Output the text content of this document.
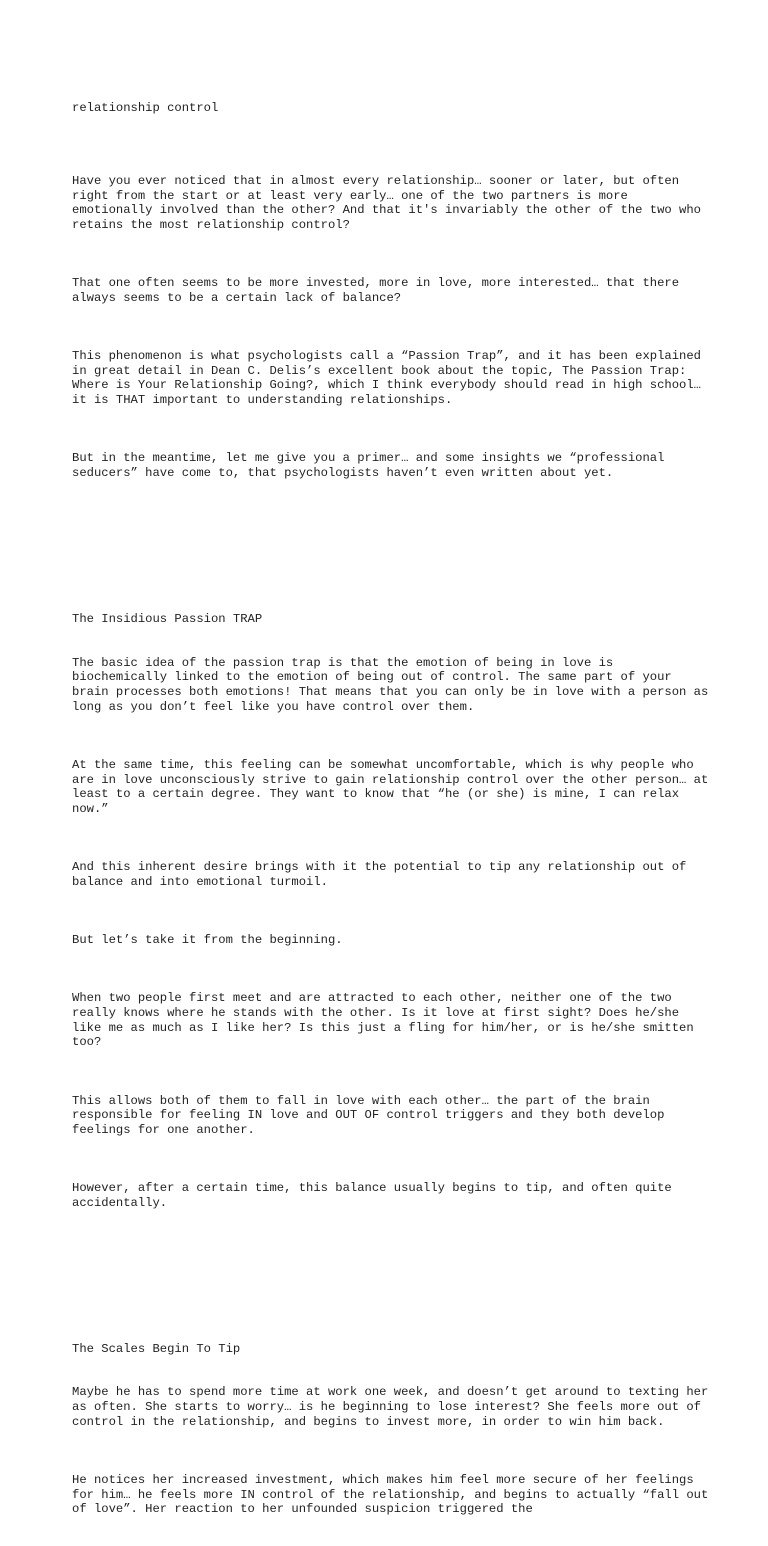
relationship control

Have you ever noticed that in almost every relationship… sooner or later, but often right from the start or at least very early… one of the two partners is more emotionally involved than the other? And that it's invariably the other of the two who retains the most relationship control?

That one often seems to be more invested, more in love, more interested… that there always seems to be a certain lack of balance?

This phenomenon is what psychologists call a “Passion Trap”, and it has been explained in great detail in Dean C. Delis’s excellent book about the topic, The Passion Trap: Where is Your Relationship Going?, which I think everybody should read in high school… it is THAT important to understanding relationships.

But in the meantime, let me give you a primer… and some insights we “professional seducers” have come to, that psychologists haven’t even written about yet.

The Insidious Passion TRAP

The basic idea of the passion trap is that the emotion of being in love is biochemically linked to the emotion of being out of control. The same part of your brain processes both emotions! That means that you can only be in love with a person as long as you don’t feel like you have control over them.

At the same time, this feeling can be somewhat uncomfortable, which is why people who are in love unconsciously strive to gain relationship control over the other person… at least to a certain degree. They want to know that “he (or she) is mine, I can relax now.”

And this inherent desire brings with it the potential to tip any relationship out of balance and into emotional turmoil.

But let’s take it from the beginning.

When two people first meet and are attracted to each other, neither one of the two really knows where he stands with the other. Is it love at first sight? Does he/she like me as much as I like her? Is this just a fling for him/her, or is he/she smitten too?

This allows both of them to fall in love with each other… the part of the brain responsible for feeling IN love and OUT OF control triggers and they both develop feelings for one another.

However, after a certain time, this balance usually begins to tip, and often quite accidentally.

The Scales Begin To Tip

Maybe he has to spend more time at work one week, and doesn’t get around to texting her as often. She starts to worry… is he beginning to lose interest? She feels more out of control in the relationship, and begins to invest more, in order to win him back.

He notices her increased investment, which makes him feel more secure of her feelings for him… he feels more IN control of the relationship, and begins to actually “fall out of love”. Her reaction to her unfounded suspicion triggered the
